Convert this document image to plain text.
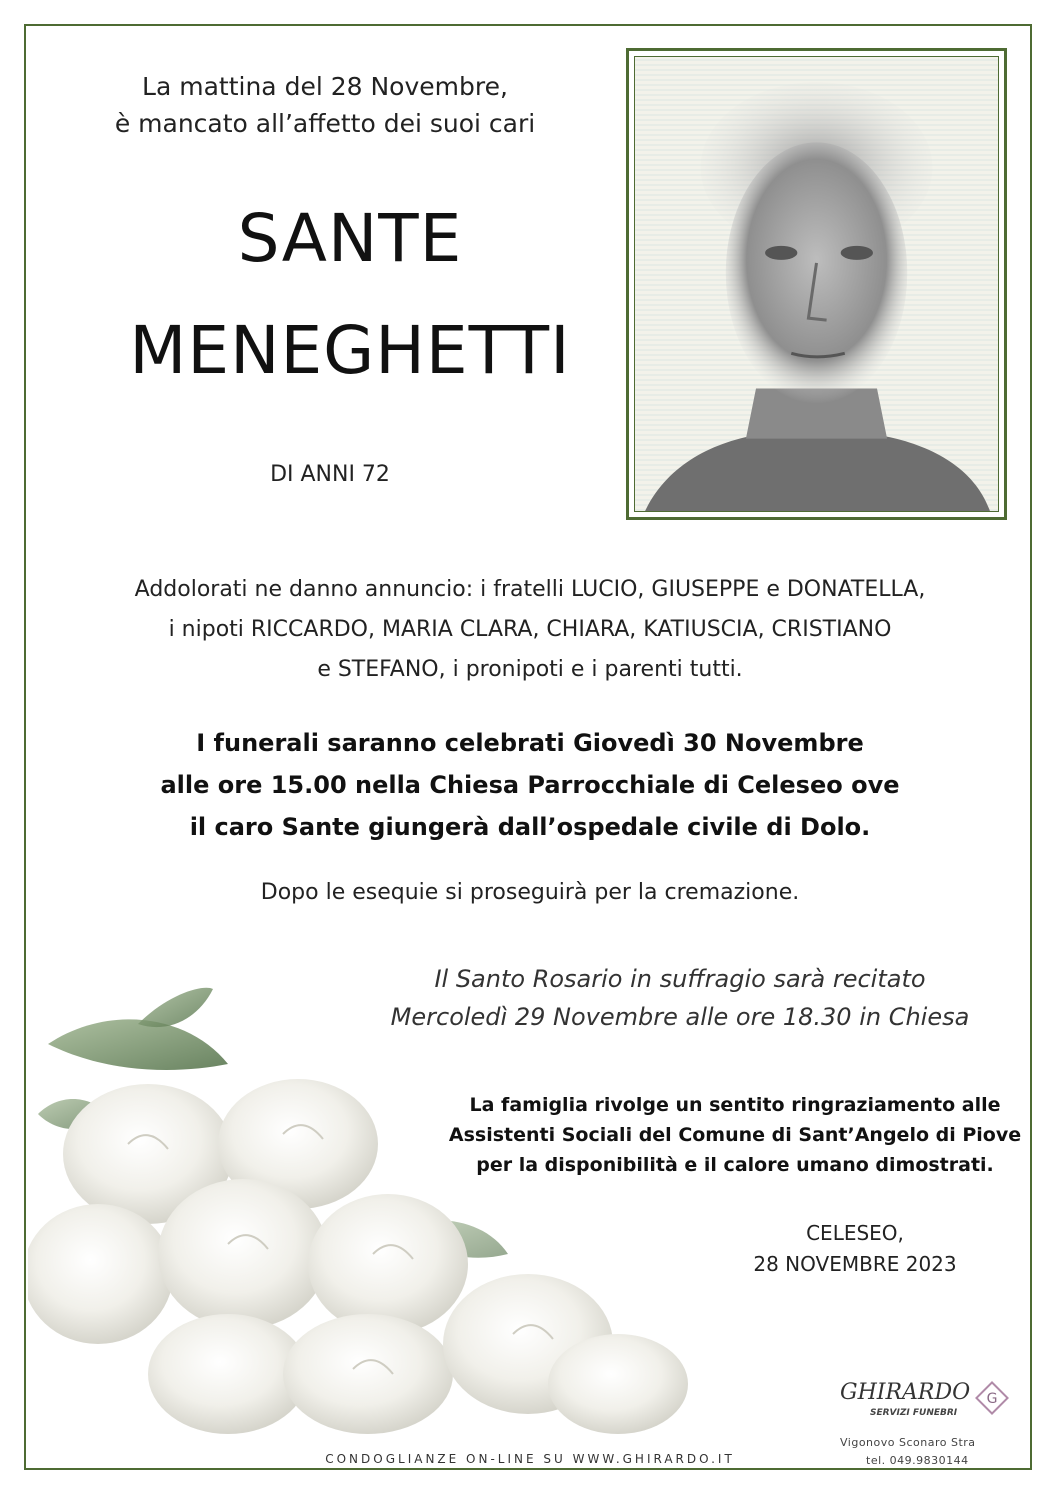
La mattina del 28 Novembre,
è mancato all’affetto dei suoi cari
SANTE
MENEGHETTI
DI ANNI 72
Addolorati ne danno annuncio: i fratelli LUCIO, GIUSEPPE e DONATELLA,
i nipoti RICCARDO, MARIA CLARA, CHIARA, KATIUSCIA, CRISTIANO
e STEFANO, i pronipoti e i parenti tutti.
I funerali saranno celebrati Giovedì 30 Novembre
alle ore 15.00 nella Chiesa Parrocchiale di Celeseo ove
il caro Sante giungerà dall’ospedale civile di Dolo.
Dopo le esequie si proseguirà per la cremazione.
Il Santo Rosario in suffragio sarà recitato
Mercoledì 29 Novembre alle ore 18.30 in Chiesa
La famiglia rivolge un sentito ringraziamento alle
Assistenti Sociali del Comune di Sant’Angelo di Piove
per la disponibilità e il calore umano dimostrati.
CELESEO,
28 NOVEMBRE 2023
GHIRARDO
SERVIZI FUNEBRI
G
Vigonovo Sconaro Stra
tel. 049.9830144
CONDOGLIANZE ON-LINE SU WWW.GHIRARDO.IT
